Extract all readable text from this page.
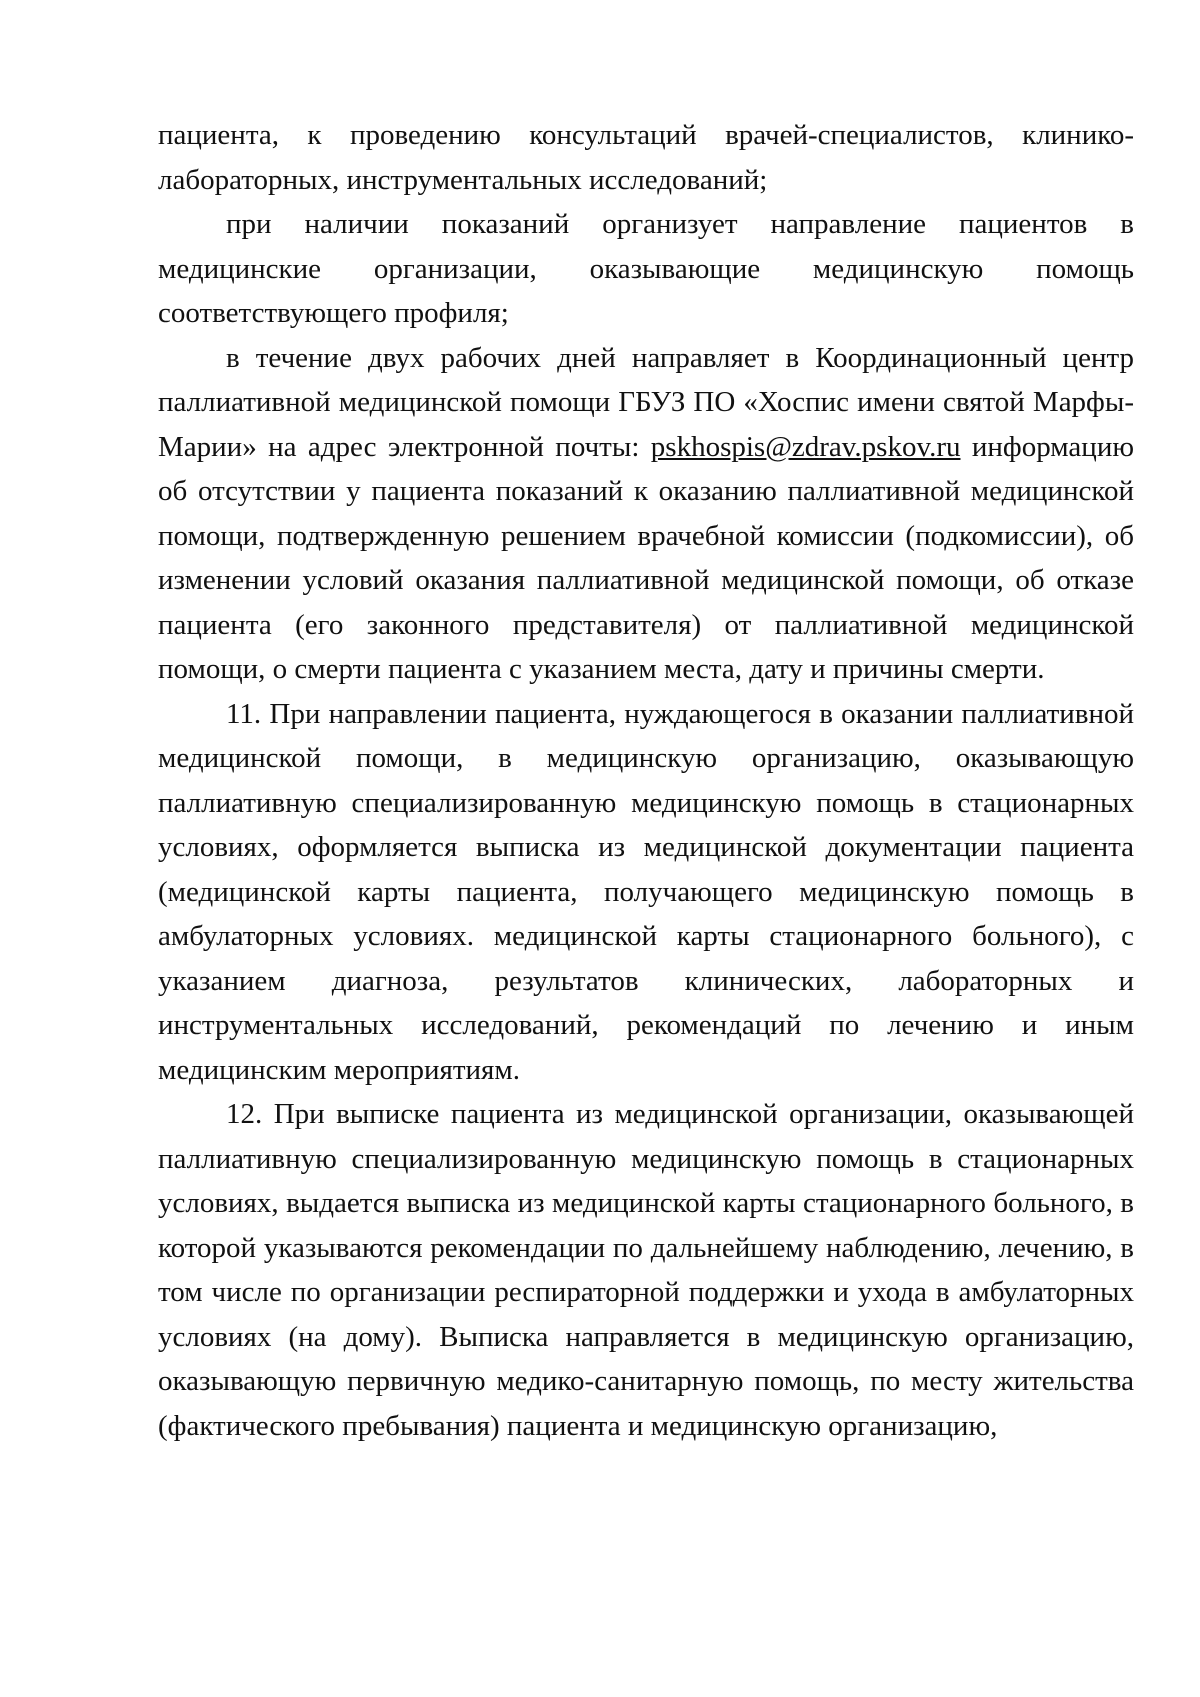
пациента, к проведению консультаций врачей-специалистов, клинико-лабораторных, инструментальных исследований;

при наличии показаний организует направление пациентов в медицинские организации, оказывающие медицинскую помощь соответствующего профиля;

в течение двух рабочих дней направляет в Координационный центр паллиативной медицинской помощи ГБУЗ ПО «Хоспис имени святой Марфы-Марии» на адрес электронной почты: pskhospis@zdrav.pskov.ru информацию об отсутствии у пациента показаний к оказанию паллиативной медицинской помощи, подтвержденную решением врачебной комиссии (подкомиссии), об изменении условий оказания паллиативной медицинской помощи, об отказе пациента (его законного представителя) от паллиативной медицинской помощи, о смерти пациента с указанием места, дату и причины смерти.

11. При направлении пациента, нуждающегося в оказании паллиативной медицинской помощи, в медицинскую организацию, оказывающую паллиативную специализированную медицинскую помощь в стационарных условиях, оформляется выписка из медицинской документации пациента (медицинской карты пациента, получающего медицинскую помощь в амбулаторных условиях. медицинской карты стационарного больного), с указанием диагноза, результатов клинических, лабораторных и инструментальных исследований, рекомендаций по лечению и иным медицинским мероприятиям.

12. При выписке пациента из медицинской организации, оказывающей паллиативную специализированную медицинскую помощь в стационарных условиях, выдается выписка из медицинской карты стационарного больного, в которой указываются рекомендации по дальнейшему наблюдению, лечению, в том числе по организации респираторной поддержки и ухода в амбулаторных условиях (на дому). Выписка направляется в медицинскую организацию, оказывающую первичную медико-санитарную помощь, по месту жительства (фактического пребывания) пациента и медицинскую организацию,
